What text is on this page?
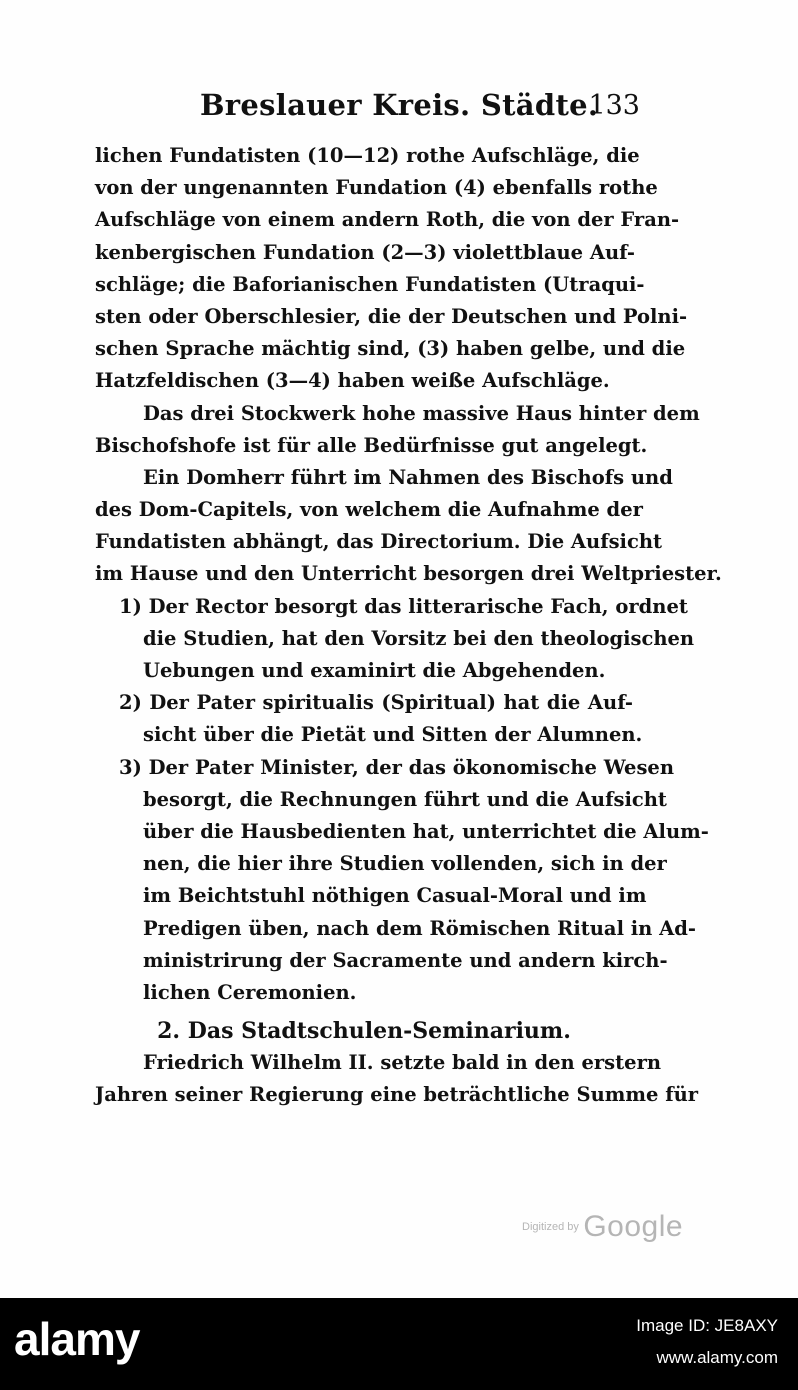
Breslauer Kreis. Städte.
133
lichen Fundatisten (10—12) rothe Aufschläge, die
von der ungenannten Fundation (4) ebenfalls rothe
Aufschläge von einem andern Roth, die von der Fran-
kenbergischen Fundation (2—3) violettblaue Auf-
schläge; die Baforianischen Fundatisten (Utraqui-
sten oder Oberschlesier, die der Deutschen und Polni-
schen Sprache mächtig sind, (3) haben gelbe, und die
Hatzfeldischen (3—4) haben weiße Aufschläge.
Das drei Stockwerk hohe massive Haus hinter dem
Bischofshofe ist für alle Bedürfnisse gut angelegt.
Ein Domherr führt im Nahmen des Bischofs und
des Dom-Capitels, von welchem die Aufnahme der
Fundatisten abhängt, das Directorium. Die Aufsicht
im Hause und den Unterricht besorgen drei Weltpriester.
1) Der Rector besorgt das litterarische Fach, ordnet
die Studien, hat den Vorsitz bei den theologischen
Uebungen und examinirt die Abgehenden.
2) Der Pater spiritualis (Spiritual) hat die Auf-
sicht über die Pietät und Sitten der Alumnen.
3) Der Pater Minister, der das ökonomische Wesen
besorgt, die Rechnungen führt und die Aufsicht
über die Hausbedienten hat, unterrichtet die Alum-
nen, die hier ihre Studien vollenden, sich in der
im Beichtstuhl nöthigen Casual-Moral und im
Predigen üben, nach dem Römischen Ritual in Ad-
ministrirung der Sacramente und andern kirch-
lichen Ceremonien.
2. Das Stadtschulen-Seminarium.
Friedrich Wilhelm II. setzte bald in den erstern
Jahren seiner Regierung eine beträchtliche Summe für
Digitized by Google
alamy	Image ID: JE8AXY
www.alamy.com
